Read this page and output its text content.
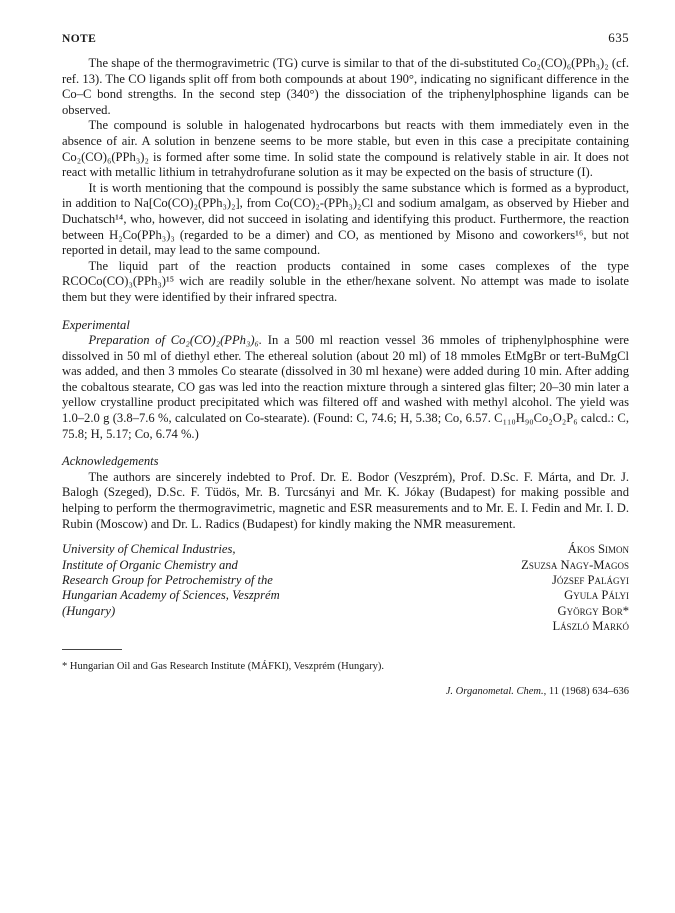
NOTE	635

The shape of the thermogravimetric (TG) curve is similar to that of the di-substituted Co₂(CO)₆(PPh₃)₂ (cf. ref. 13). The CO ligands split off from both compounds at about 190°, indicating no significant difference in the Co–C bond strengths. In the second step (340°) the dissociation of the triphenylphosphine ligands can be observed.

The compound is soluble in halogenated hydrocarbons but reacts with them immediately even in the absence of air. A solution in benzene seems to be more stable, but even in this case a precipitate containing Co₂(CO)₆(PPh₃)₂ is formed after some time. In solid state the compound is relatively stable in air. It does not react with metallic lithium in tetrahydrofurane solution as it may be expected on the basis of structure (I).

It is worth mentioning that the compound is possibly the same substance which is formed as a byproduct, in addition to Na[Co(CO)₂(PPh₃)₂], from Co(CO)₂-(PPh₃)₂Cl and sodium amalgam, as observed by Hieber and Duchatsch¹⁴, who, however, did not succeed in isolating and identifying this product. Furthermore, the reaction between H₂Co(PPh₃)₃ (regarded to be a dimer) and CO, as mentioned by Misono and coworkers¹⁶, but not reported in detail, may lead to the same compound.

The liquid part of the reaction products contained in some cases complexes of the type RCOCo(CO)₃(PPh₃)¹⁵ wich are readily soluble in the ether/hexane solvent. No attempt was made to isolate them but they were identified by their infrared spectra.

Experimental

Preparation of Co₂(CO)₂(PPh₃)₆. In a 500 ml reaction vessel 36 mmoles of triphenylphosphine were dissolved in 50 ml of diethyl ether. The ethereal solution (about 20 ml) of 18 mmoles EtMgBr or tert-BuMgCl was added, and then 3 mmoles Co stearate (dissolved in 30 ml hexane) were added during 10 min. After adding the cobaltous stearate, CO gas was led into the reaction mixture through a sintered glas filter; 20–30 min later a yellow crystalline product precipitated which was filtered off and washed with methyl alcohol. The yield was 1.0–2.0 g (3.8–7.6 %, calculated on Co-stearate). (Found: C, 74.6; H, 5.38; Co, 6.57. C₁₁₀H₉₀Co₂O₂P₆ calcd.: C, 75.8; H, 5.17; Co, 6.74 %.)

Acknowledgements

The authors are sincerely indebted to Prof. Dr. E. Bodor (Veszprém), Prof. D.Sc. F. Márta, and Dr. J. Balogh (Szeged), D.Sc. F. Tüdös, Mr. B. Turcsányi and Mr. K. Jókay (Budapest) for making possible and helping to perform the thermogravimetric, magnetic and ESR measurements and to Mr. E. I. Fedin and Mr. I. D. Rubin (Moscow) and Dr. L. Radics (Budapest) for kindly making the NMR measurement.

University of Chemical Industries,
Institute of Organic Chemistry and
Research Group for Petrochemistry of the
Hungarian Academy of Sciences, Veszprém
(Hungary)
Ákos Simon
Zsuzsa Nagy-Magos
József Palágyi
Gyula Pályi
György Bor*
László Markó
* Hungarian Oil and Gas Research Institute (MÁFKI), Veszprém (Hungary).
J. Organometal. Chem., 11 (1968) 634–636
